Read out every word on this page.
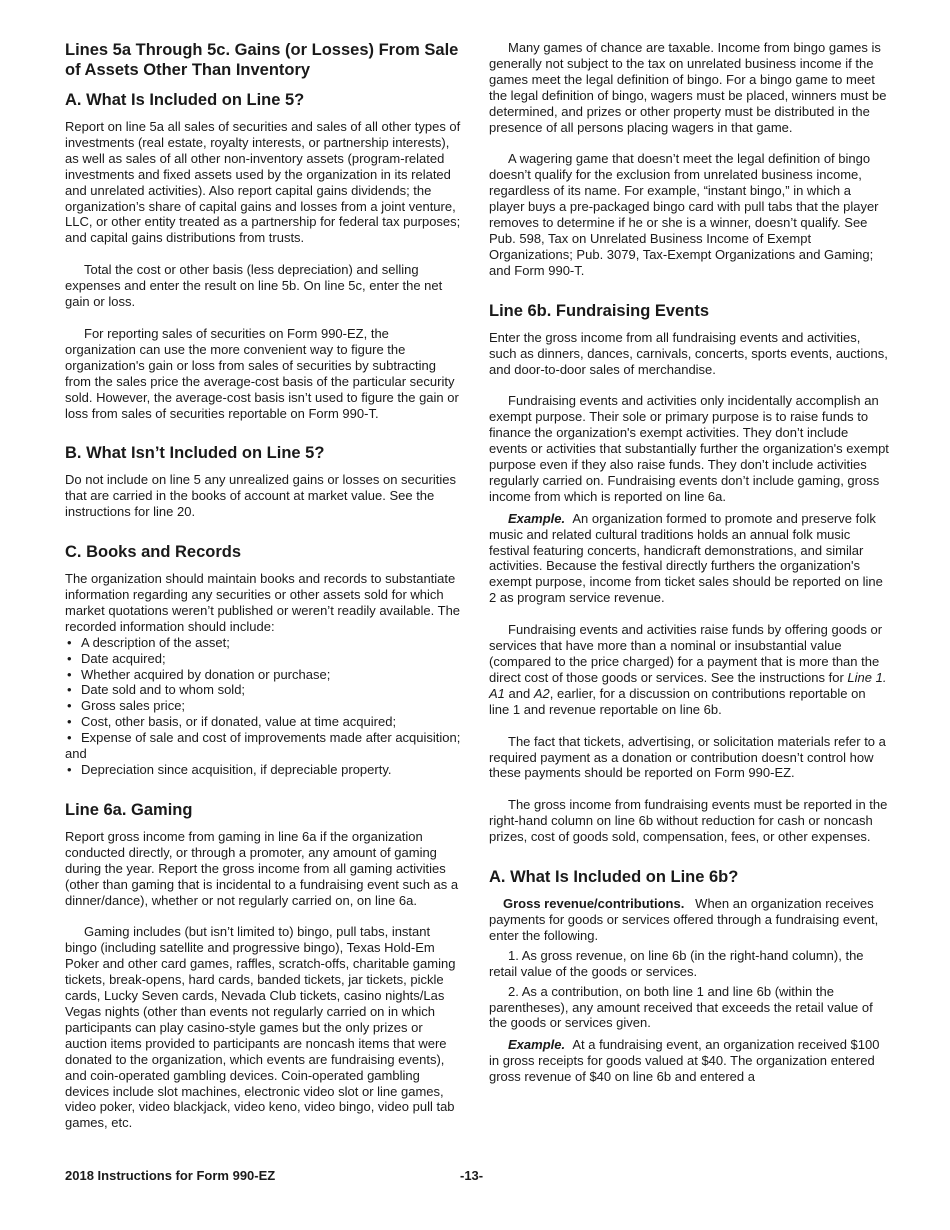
Lines 5a Through 5c. Gains (or Losses) From Sale of Assets Other Than Inventory
A. What Is Included on Line 5?

Report on line 5a all sales of securities and sales of all other types of investments (real estate, royalty interests, or partnership interests), as well as sales of all other non-inventory assets (program-related investments and fixed assets used by the organization in its related and unrelated activities). Also report capital gains dividends; the organization’s share of capital gains and losses from a joint venture, LLC, or other entity treated as a partnership for federal tax purposes; and capital gains distributions from trusts.

Total the cost or other basis (less depreciation) and selling expenses and enter the result on line 5b. On line 5c, enter the net gain or loss.

For reporting sales of securities on Form 990-EZ, the organization can use the more convenient way to figure the organization's gain or loss from sales of securities by subtracting from the sales price the average-cost basis of the particular security sold. However, the average-cost basis isn’t used to figure the gain or loss from sales of securities reportable on Form 990-T.

B. What Isn’t Included on Line 5?

Do not include on line 5 any unrealized gains or losses on securities that are carried in the books of account at market value. See the instructions for line 20.

C. Books and Records

The organization should maintain books and records to substantiate information regarding any securities or other assets sold for which market quotations weren’t published or weren’t readily available. The recorded information should include:

• A description of the asset;
• Date acquired;
• Whether acquired by donation or purchase;
• Date sold and to whom sold;
• Gross sales price;
• Cost, other basis, or if donated, value at time acquired;
• Expense of sale and cost of improvements made after acquisition; and
• Depreciation since acquisition, if depreciable property.
Line 6a. Gaming

Report gross income from gaming in line 6a if the organization conducted directly, or through a promoter, any amount of gaming during the year. Report the gross income from all gaming activities (other than gaming that is incidental to a fundraising event such as a dinner/dance), whether or not regularly carried on, on line 6a.

Gaming includes (but isn’t limited to) bingo, pull tabs, instant bingo (including satellite and progressive bingo), Texas Hold-Em Poker and other card games, raffles, scratch-offs, charitable gaming tickets, break-opens, hard cards, banded tickets, jar tickets, pickle cards, Lucky Seven cards, Nevada Club tickets, casino nights/Las Vegas nights (other than events not regularly carried on in which participants can play casino-style games but the only prizes or auction items provided to participants are noncash items that were donated to the organization, which events are fundraising events), and coin-operated gambling devices. Coin-operated gambling devices include slot machines, electronic video slot or line games, video poker, video blackjack, video keno, video bingo, video pull tab games, etc.

Many games of chance are taxable. Income from bingo games is generally not subject to the tax on unrelated business income if the games meet the legal definition of bingo. For a bingo game to meet the legal definition of bingo, wagers must be placed, winners must be determined, and prizes or other property must be distributed in the presence of all persons placing wagers in that game.

A wagering game that doesn’t meet the legal definition of bingo doesn’t qualify for the exclusion from unrelated business income, regardless of its name. For example, “instant bingo,” in which a player buys a pre-packaged bingo card with pull tabs that the player removes to determine if he or she is a winner, doesn’t qualify. See Pub. 598, Tax on Unrelated Business Income of Exempt Organizations; Pub. 3079, Tax-Exempt Organizations and Gaming; and Form 990-T.

Line 6b. Fundraising Events

Enter the gross income from all fundraising events and activities, such as dinners, dances, carnivals, concerts, sports events, auctions, and door-to-door sales of merchandise.

Fundraising events and activities only incidentally accomplish an exempt purpose. Their sole or primary purpose is to raise funds to finance the organization's exempt activities. They don’t include events or activities that substantially further the organization's exempt purpose even if they also raise funds. They don’t include activities regularly carried on. Fundraising events don’t include gaming, gross income from which is reported on line 6a.

Example. An organization formed to promote and preserve folk music and related cultural traditions holds an annual folk music festival featuring concerts, handicraft demonstrations, and similar activities. Because the festival directly furthers the organization's exempt purpose, income from ticket sales should be reported on line 2 as program service revenue.

Fundraising events and activities raise funds by offering goods or services that have more than a nominal or insubstantial value (compared to the price charged) for a payment that is more than the direct cost of those goods or services. See the instructions for Line 1. A1 and A2, earlier, for a discussion on contributions reportable on line 1 and revenue reportable on line 6b.

The fact that tickets, advertising, or solicitation materials refer to a required payment as a donation or contribution doesn’t control how these payments should be reported on Form 990-EZ.

The gross income from fundraising events must be reported in the right-hand column on line 6b without reduction for cash or noncash prizes, cost of goods sold, compensation, fees, or other expenses.

A. What Is Included on Line 6b?

Gross revenue/contributions. When an organization receives payments for goods or services offered through a fundraising event, enter the following.

1. As gross revenue, on line 6b (in the right-hand column), the retail value of the goods or services.

2. As a contribution, on both line 1 and line 6b (within the parentheses), any amount received that exceeds the retail value of the goods or services given.

Example. At a fundraising event, an organization received $100 in gross receipts for goods valued at $40. The organization entered gross revenue of $40 on line 6b and entered a

2018 Instructions for Form 990-EZ	-13-
